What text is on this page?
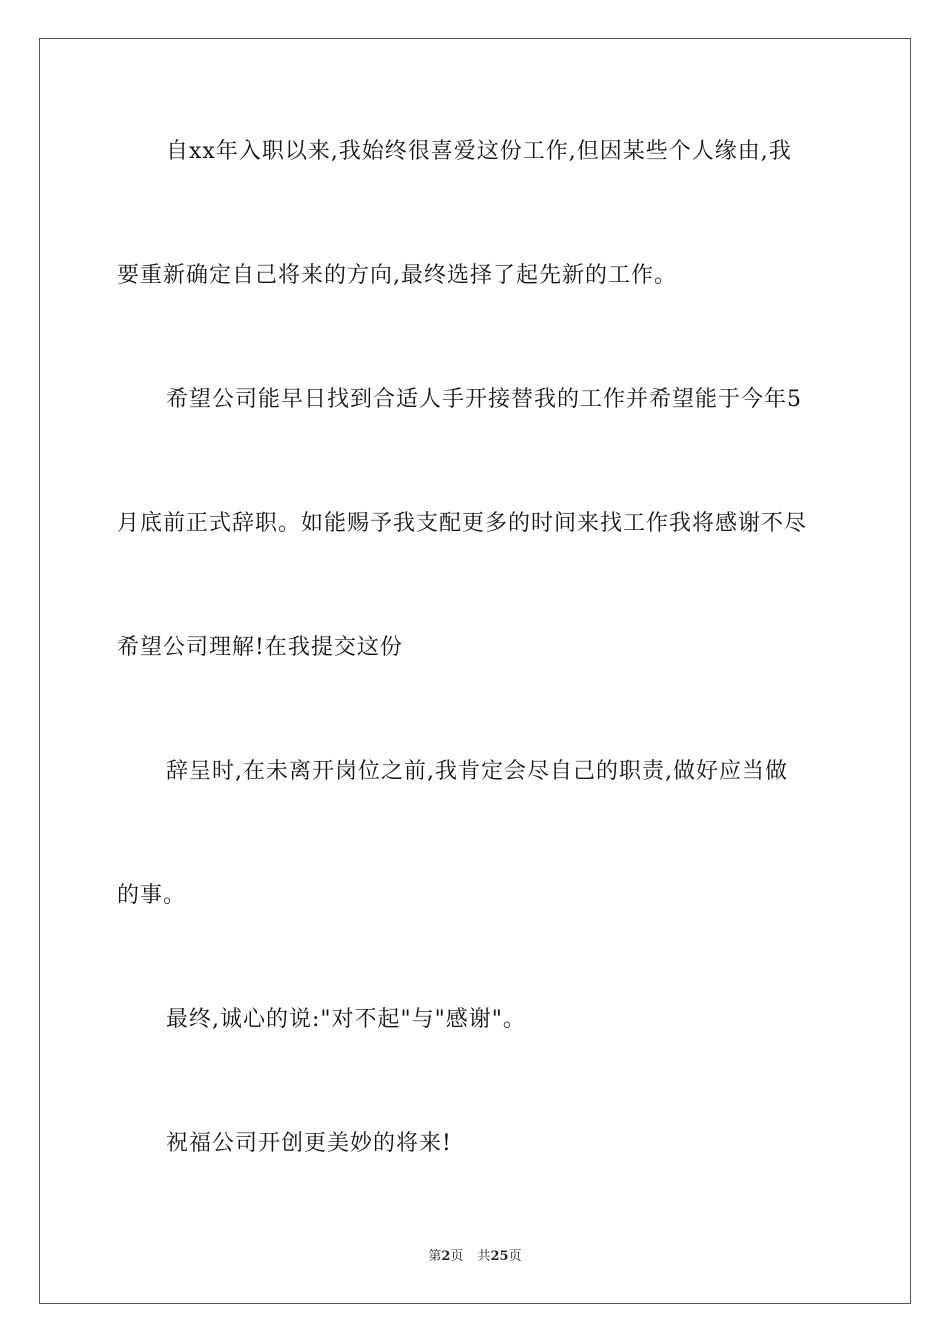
自xx年入职以来,我始终很喜爱这份工作,但因某些个人缘由,我
要重新确定自己将来的方向,最终选择了起先新的工作。
希望公司能早日找到合适人手开接替我的工作并希望能于今年5
月底前正式辞职。如能赐予我支配更多的时间来找工作我将感谢不尽
希望公司理解!在我提交这份
辞呈时,在未离开岗位之前,我肯定会尽自己的职责,做好应当做
的事。
最终,诚心的说:"对不起"与"感谢"。
祝福公司开创更美妙的将来!
第2页 共25页
